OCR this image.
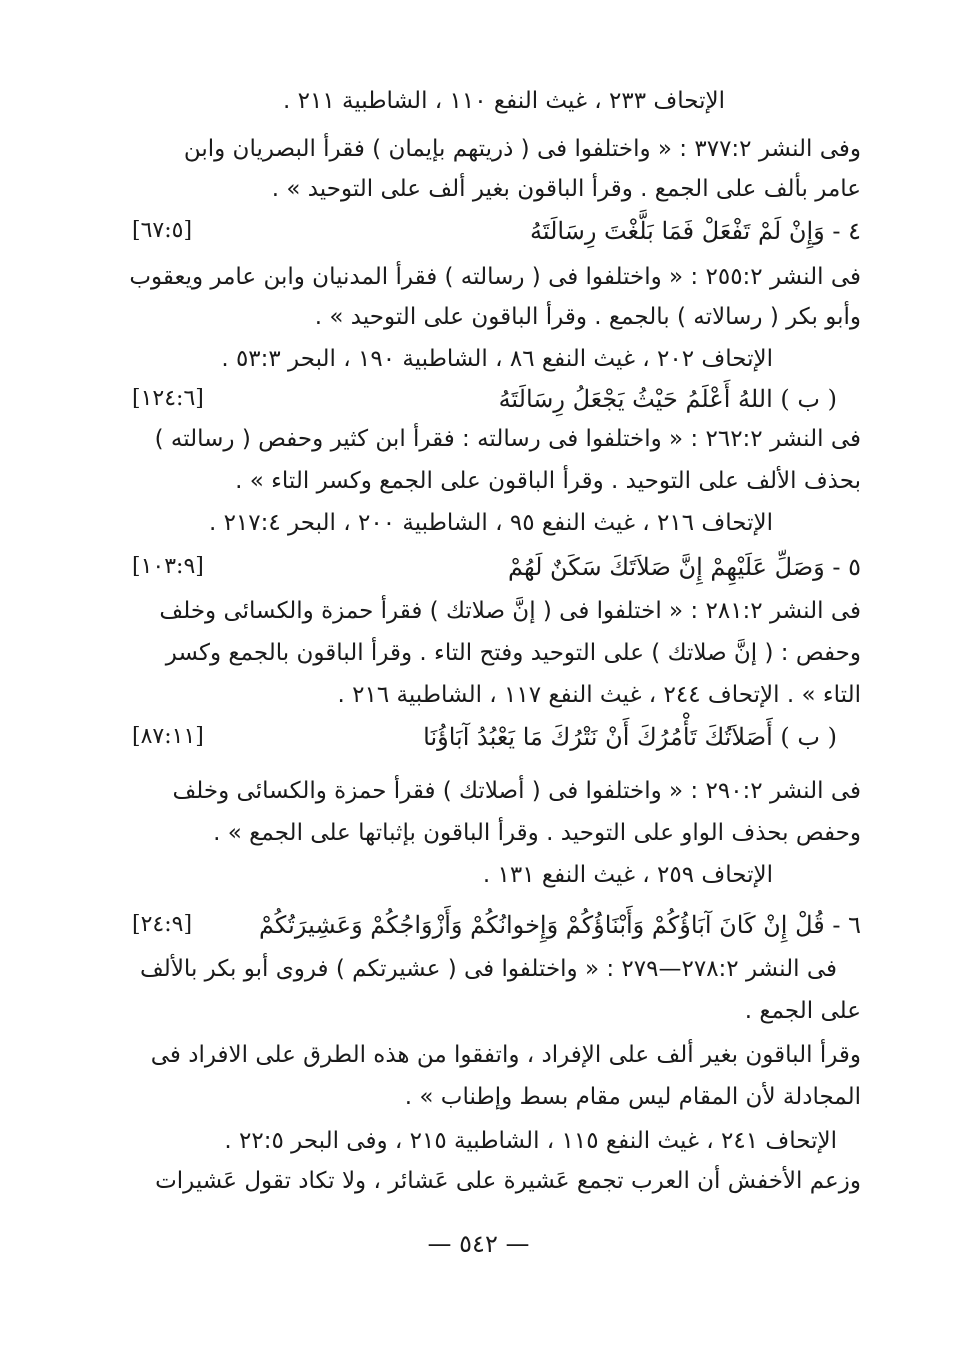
الإتحاف ٢٣٣ ، غيث النفع ١١٠ ، الشاطبية ٢١١ .
وفى النشر ٣٧٧:٢ : « واختلفوا فى ( ذريتهم بإيمان ) فقرأ البصريان وابن
عامر بألف على الجمع . وقرأ الباقون بغير ألف على التوحيد » .
٤ - وَإِنْ لَمْ تَفْعَلْ فَمَا بَلَّغْتَ رِسَالَتَهُ
[٦٧:٥]
فى النشر ٢٥٥:٢ : « واختلفوا فى ( رسالته ) فقرأ المدنيان وابن عامر ويعقوب
وأبو بكر ( رسالاته ) بالجمع . وقرأ الباقون على التوحيد » .
الإتحاف ٢٠٢ ، غيث النفع ٨٦ ، الشاطبية ١٩٠ ، البحر ٥٣:٣ .
( ب ) اللهُ أَعْلَمُ حَيْثُ يَجْعَلُ رِسَالَتَهُ
[١٢٤:٦]
فى النشر ٢٦٢:٢ : « واختلفوا فى رسالته : فقرأ ابن كثير وحفص ( رسالته )
بحذف الألف على التوحيد . وقرأ الباقون على الجمع وكسر التاء » .
الإتحاف ٢١٦ ، غيث النفع ٩٥ ، الشاطبية ٢٠٠ ، البحر ٢١٧:٤ .
٥ - وَصَلِّ عَلَيْهِمْ إِنَّ صَلاَتَكَ سَكَنٌ لَهُمْ
[١٠٣:٩]
فى النشر ٢٨١:٢ : « اختلفوا فى ( إنَّ صلاتك ) فقرأ حمزة والكسائى وخلف
وحفص : ( إنَّ صلاتك ) على التوحيد وفتح التاء . وقرأ الباقون بالجمع وكسر
التاء » . الإتحاف ٢٤٤ ، غيث النفع ١١٧ ، الشاطبية ٢١٦ .
( ب ) أَصَلاَتُكَ تَأْمُرُكَ أَنْ نَتْرُكَ مَا يَعْبُدُ آبَاؤُنَا
[٨٧:١١]
فى النشر ٢٩٠:٢ : « واختلفوا فى ( أصلاتك ) فقرأ حمزة والكسائى وخلف
وحفص بحذف الواو على التوحيد . وقرأ الباقون بإثباتها على الجمع » .
الإتحاف ٢٥٩ ، غيث النفع ١٣١ .
٦ - قُلْ إِنْ كَانَ آبَاؤُكُمْ وَأَبْنَاؤُكُمْ وَإِخوانُكُمْ وَأَزْوَاجُكُمْ وَعَشِيرَتُكُمْ
[٢٤:٩]
فى النشر ٢٧٨:٢—٢٧٩ : « واختلفوا فى ( عشيرتكم ) فروى أبو بكر بالألف
على الجمع .
وقرأ الباقون بغير ألف على الإفراد ، واتفقوا من هذه الطرق على الافراد فى
المجادلة لأن المقام ليس مقام بسط وإطناب » .
الإتحاف ٢٤١ ، غيث النفع ١١٥ ، الشاطبية ٢١٥ ، وفى البحر ٢٢:٥ .
وزعم الأخفش أن العرب تجمع عَشيرة على عَشائر ، ولا تكاد تقول عَشيرات
— ٥٤٢ —
